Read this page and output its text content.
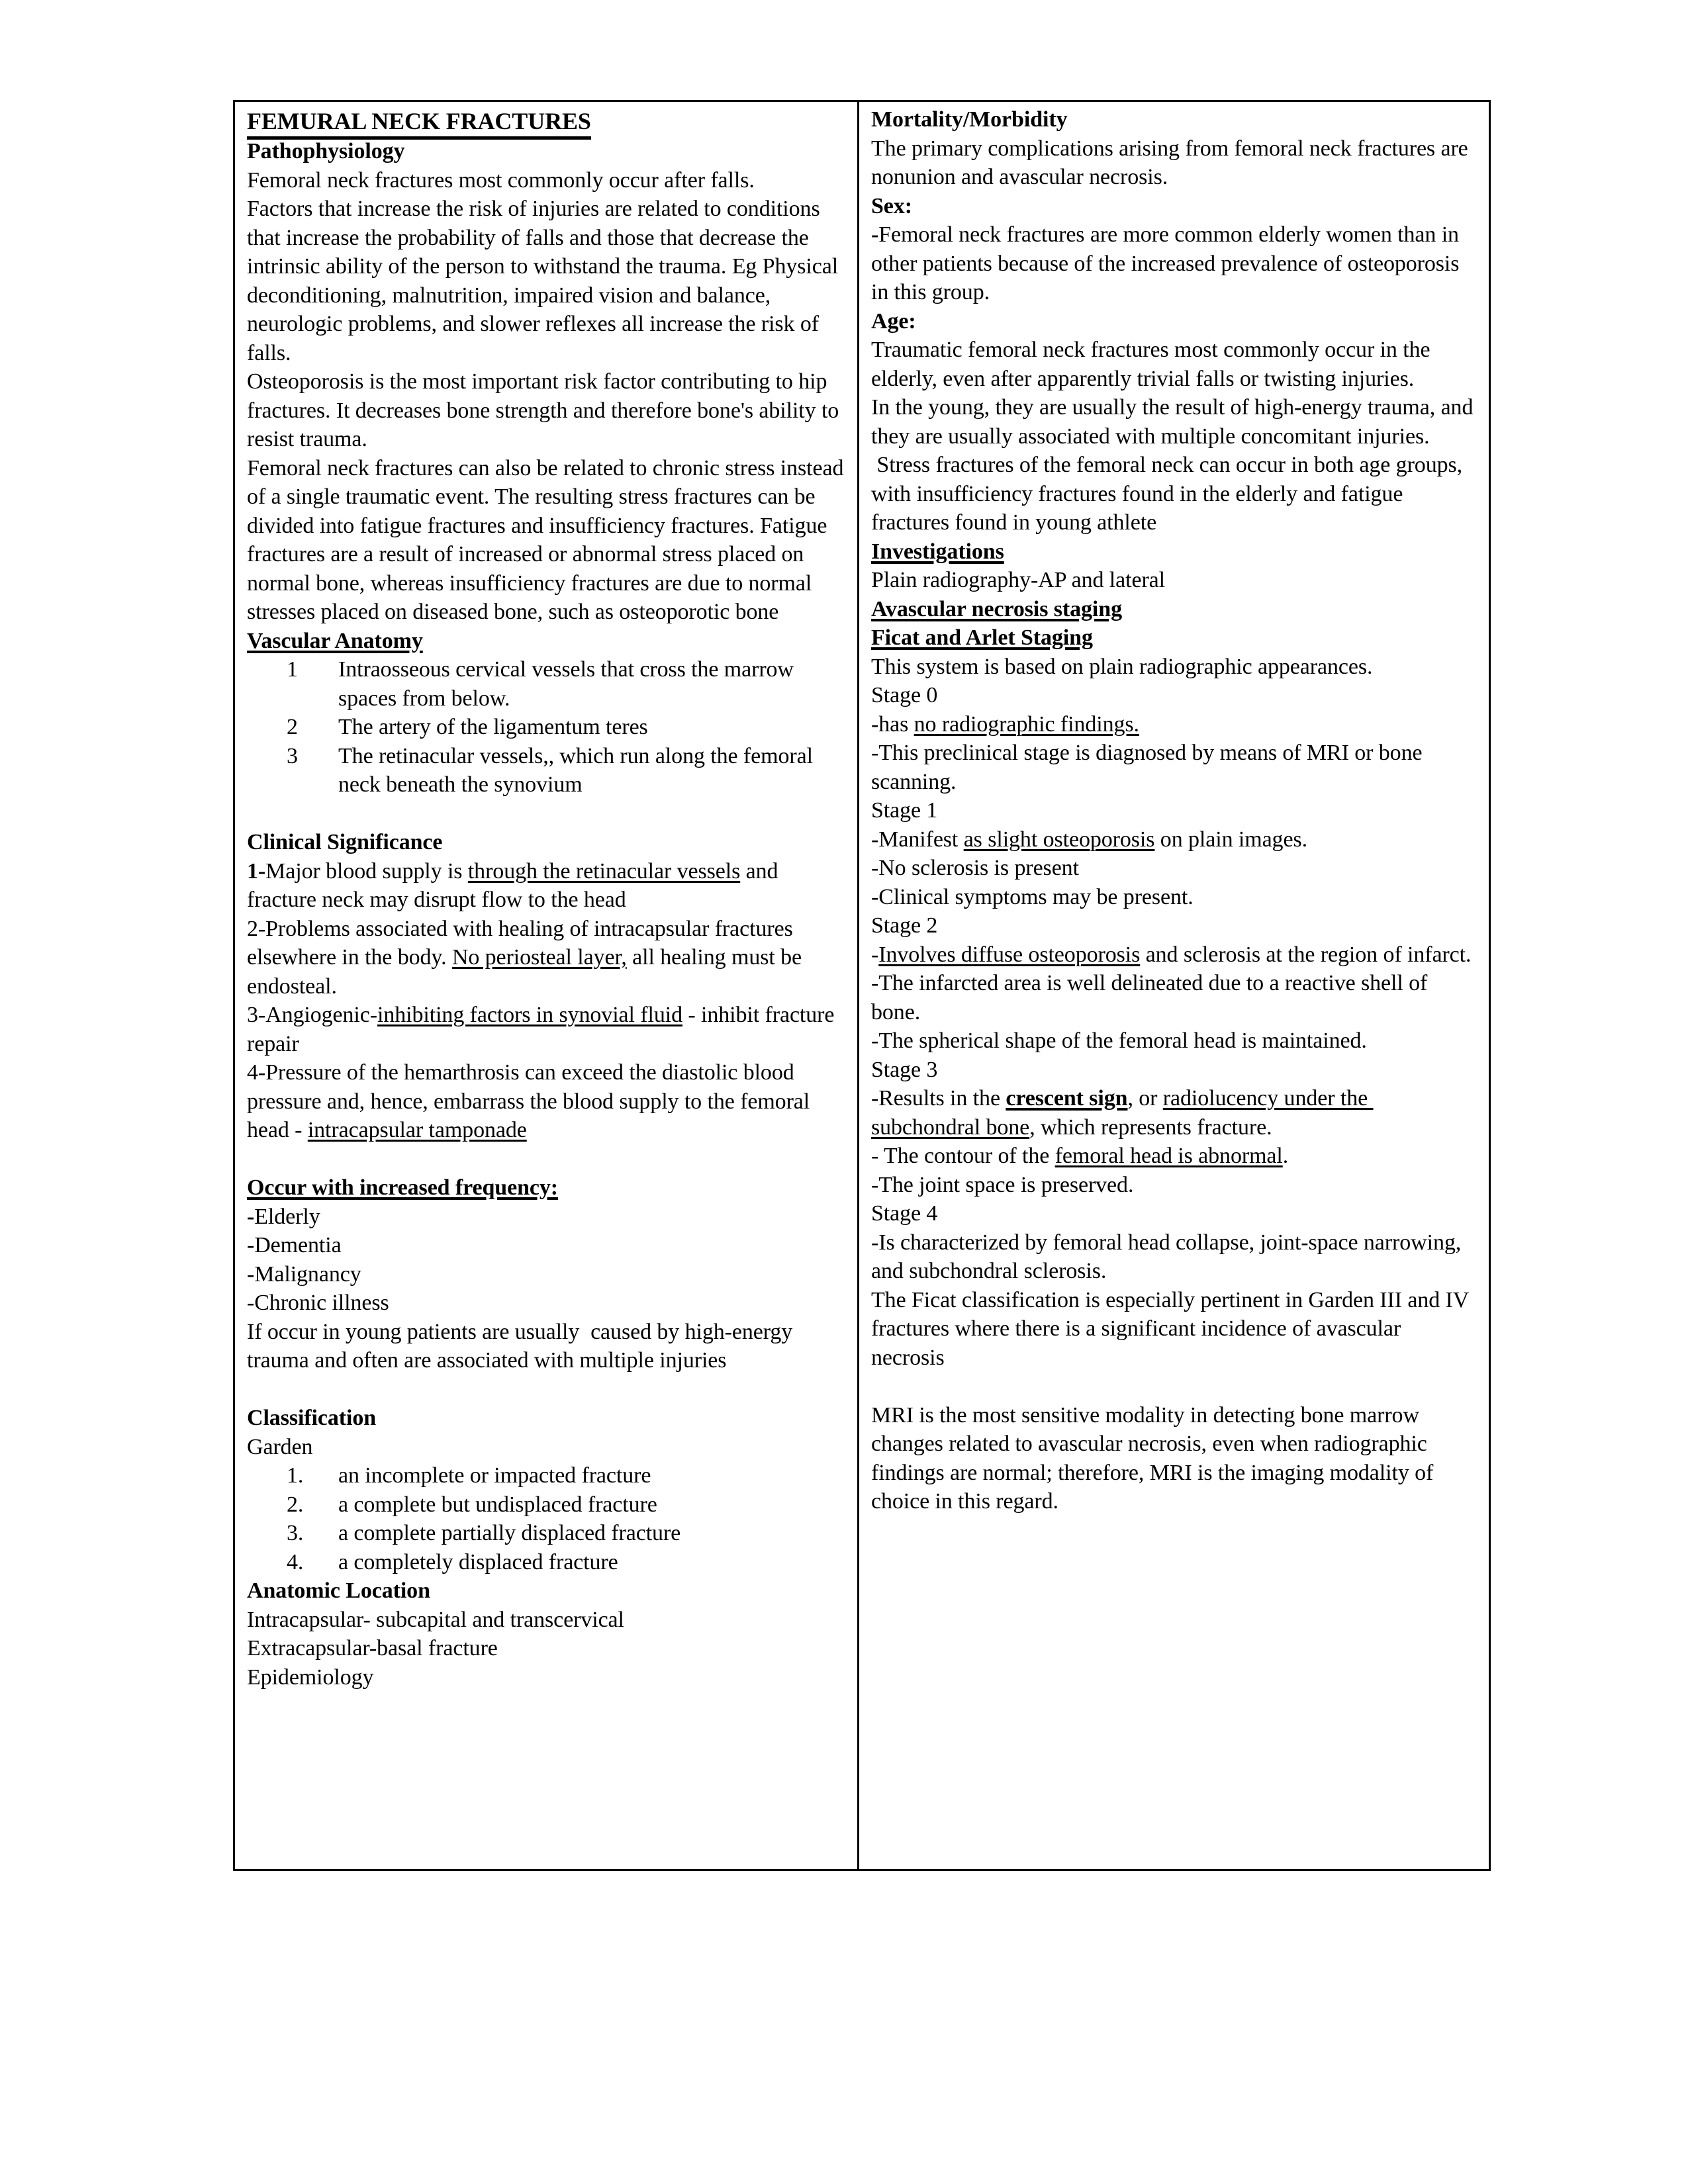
FEMURAL NECK FRACTURES
Pathophysiology
Femoral neck fractures most commonly occur after falls.
Factors that increase the risk of injuries are related to conditions that increase the probability of falls and those that decrease the intrinsic ability of the person to withstand the trauma. Eg Physical deconditioning, malnutrition, impaired vision and balance, neurologic problems, and slower reflexes all increase the risk of falls.
Osteoporosis is the most important risk factor contributing to hip fractures. It decreases bone strength and therefore bone's ability to resist trauma.
Femoral neck fractures can also be related to chronic stress instead of a single traumatic event. The resulting stress fractures can be divided into fatigue fractures and insufficiency fractures. Fatigue fractures are a result of increased or abnormal stress placed on normal bone, whereas insufficiency fractures are due to normal stresses placed on diseased bone, such as osteoporotic bone
Vascular Anatomy
1 Intraosseous cervical vessels that cross the marrow spaces from below.
2 The artery of the ligamentum teres
3 The retinacular vessels,, which run along the femoral neck beneath the synovium
Clinical Significance
1-Major blood supply is through the retinacular vessels and fracture neck may disrupt flow to the head
2-Problems associated with healing of intracapsular fractures elsewhere in the body. No periosteal layer, all healing must be endosteal.
3-Angiogenic-inhibiting factors in synovial fluid - inhibit fracture repair
4-Pressure of the hemarthrosis can exceed the diastolic blood pressure and, hence, embarrass the blood supply to the femoral head - intracapsular tamponade
Occur with increased frequency:
-Elderly
-Dementia
-Malignancy
-Chronic illness
If occur in young patients are usually  caused by high-energy trauma and often are associated with multiple injuries
Classification
Garden
1. an incomplete or impacted fracture
2. a complete but undisplaced fracture
3. a complete partially displaced fracture
4. a completely displaced fracture
Anatomic Location
Intracapsular- subcapital and transcervical
Extracapsular-basal fracture
Epidemiology
Mortality/Morbidity
The primary complications arising from femoral neck fractures are nonunion and avascular necrosis.
Sex:
-Femoral neck fractures are more common elderly women than in other patients because of the increased prevalence of osteoporosis in this group.
Age:
Traumatic femoral neck fractures most commonly occur in the elderly, even after apparently trivial falls or twisting injuries.
In the young, they are usually the result of high-energy trauma, and they are usually associated with multiple concomitant injuries.
Stress fractures of the femoral neck can occur in both age groups, with insufficiency fractures found in the elderly and fatigue fractures found in young athlete
Investigations
Plain radiography-AP and lateral
Avascular necrosis staging
Ficat and Arlet Staging
This system is based on plain radiographic appearances.
Stage 0
-has no radiographic findings.
-This preclinical stage is diagnosed by means of MRI or bone scanning.
Stage 1
-Manifest as slight osteoporosis on plain images.
-No sclerosis is present
-Clinical symptoms may be present.
Stage 2
-Involves diffuse osteoporosis and sclerosis at the region of infarct.
-The infarcted area is well delineated due to a reactive shell of bone.
-The spherical shape of the femoral head is maintained.
Stage 3
-Results in the crescent sign, or radiolucency under the subchondral bone, which represents fracture.
- The contour of the femoral head is abnormal.
-The joint space is preserved.
Stage 4
-Is characterized by femoral head collapse, joint-space narrowing, and subchondral sclerosis.
The Ficat classification is especially pertinent in Garden III and IV fractures where there is a significant incidence of avascular necrosis
MRI is the most sensitive modality in detecting bone marrow changes related to avascular necrosis, even when radiographic findings are normal; therefore, MRI is the imaging modality of choice in this regard.
